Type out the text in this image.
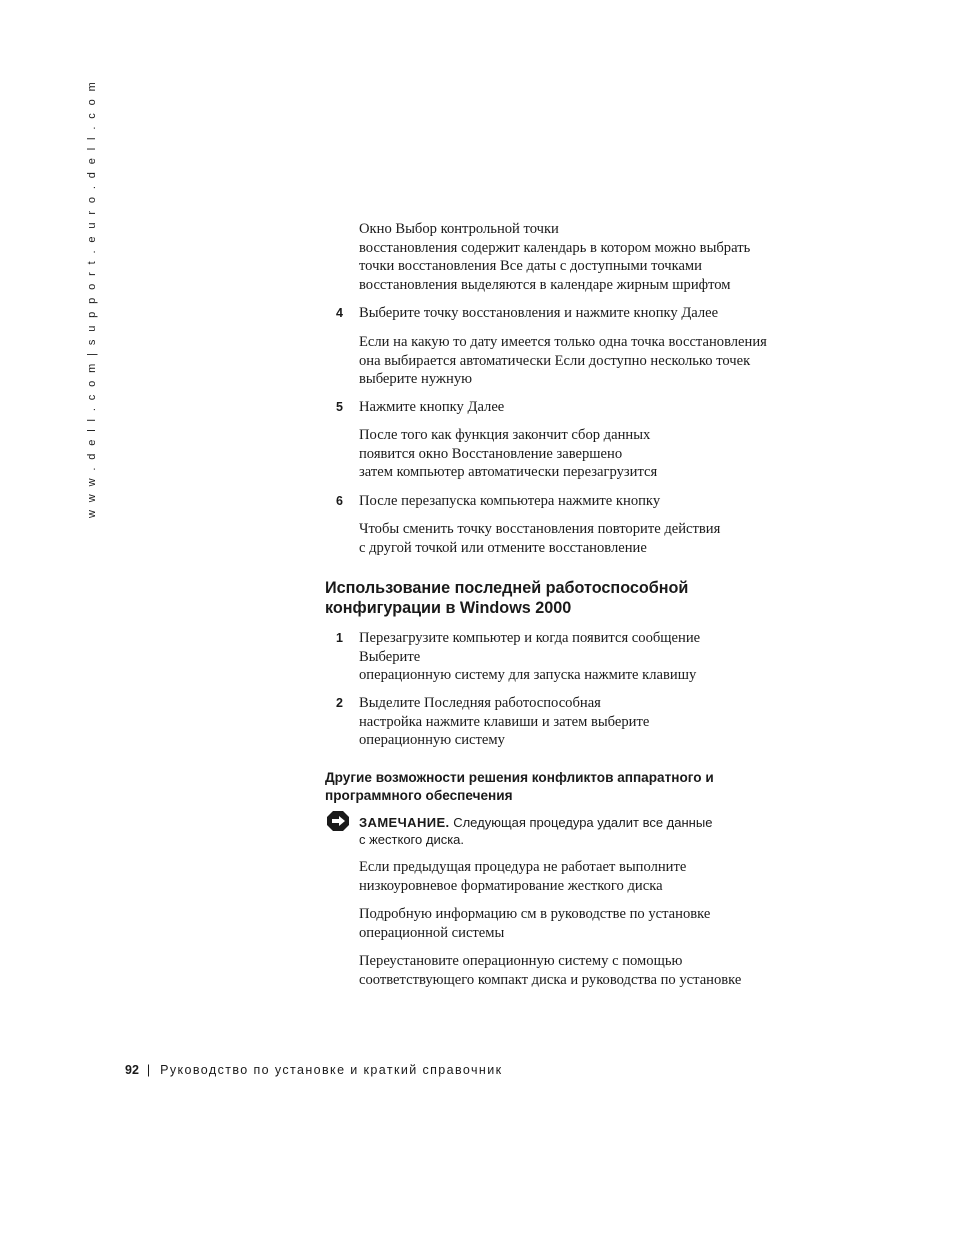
w w w . d e l l . c o m | s u p p o r t . e u r o . d e l l . c o m	Окно Выбор контрольной точки
восстановления содержит календарь в котором можно выбрать
точки восстановления Все даты с доступными точками
восстановления выделяются в календаре жирным шрифтом
4 Выберите точку восстановления и нажмите кнопку Далее
Если на какую то дату имеется только одна точка восстановления
она выбирается автоматически Если доступно несколько точек
выберите нужную
5 Нажмите кнопку Далее
После того как функция закончит сбор данных
появится окно Восстановление завершено
затем компьютер автоматически перезагрузится
6 После перезапуска компьютера нажмите кнопку
Чтобы сменить точку восстановления повторите действия
с другой точкой или отмените восстановление
Использование последней работоспособной
конфигурации в Windows 2000
1 Перезагрузите компьютер и когда появится сообщение
Выберите
операционную систему для запуска нажмите клавишу
2 Выделите Последняя работоспособная
настройка нажмите клавиши и затем выберите
операционную систему
Другие возможности решения конфликтов аппаратного и
программного обеспечения
ЗАМЕЧАНИЕ. Следующая процедура удалит все данные
с жесткого диска.
Если предыдущая процедура не работает выполните
низкоуровневое форматирование жесткого диска
Подробную информацию см в руководстве по установке
операционной системы
Переустановите операционную систему с помощью
соответствующего компакт диска и руководства по установке
92 | Руководство по установке и краткий справочник
